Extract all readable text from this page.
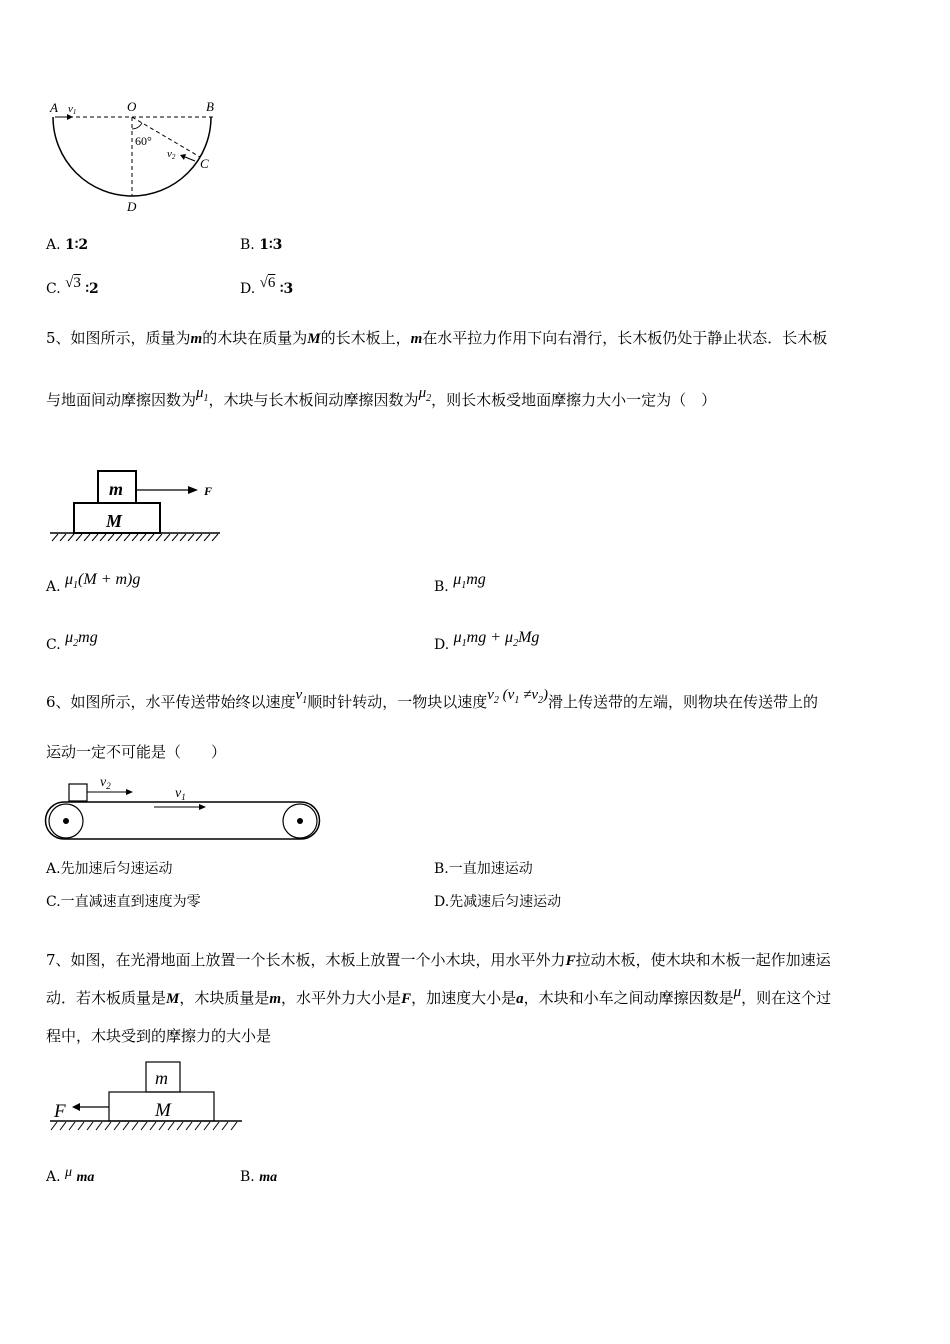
A v1	O	B
60°
v2 C
D
A. 1∶2	B. 1∶3
C. √3 ∶2	D. √6 ∶3
5、如图所示，质量为m的木块在质量为M的长木板上，m在水平拉力作用下向右滑行，长木板仍处于静止状态．长木板
与地面间动摩擦因数为$\mu_1$，木块与长木板间动摩擦因数为$\mu_2$，则长木板受地面摩擦力大小一定为（　）
m
M
F
A. $\mu_1(M + m)g$	B. $\mu_1mg$
C. $\mu_2mg$	D. $\mu_1mg + \mu_2Mg$
6、如图所示，水平传送带始终以速度$v_1$顺时针转动，一物块以速度$v_2$ $(v_1 \ne v_2)$滑上传送带的左端，则物块在传送带上的
运动一定不可能是（　　）
$v_2$	$v_1$
A.先加速后匀速运动	B.一直加速运动
C.一直减速直到速度为零	D.先减速后匀速运动
7、如图，在光滑地面上放置一个长木板，木板上放置一个小木块，用水平外力F拉动木板，使木块和木板一起作加速运
动．若木板质量是M，木块质量是m，水平外力大小是F，加速度大小是a，木块和小车之间动摩擦因数是μ，则在这个过
程中，木块受到的摩擦力的大小是
m
M
F
A. μ ma	B. ma
